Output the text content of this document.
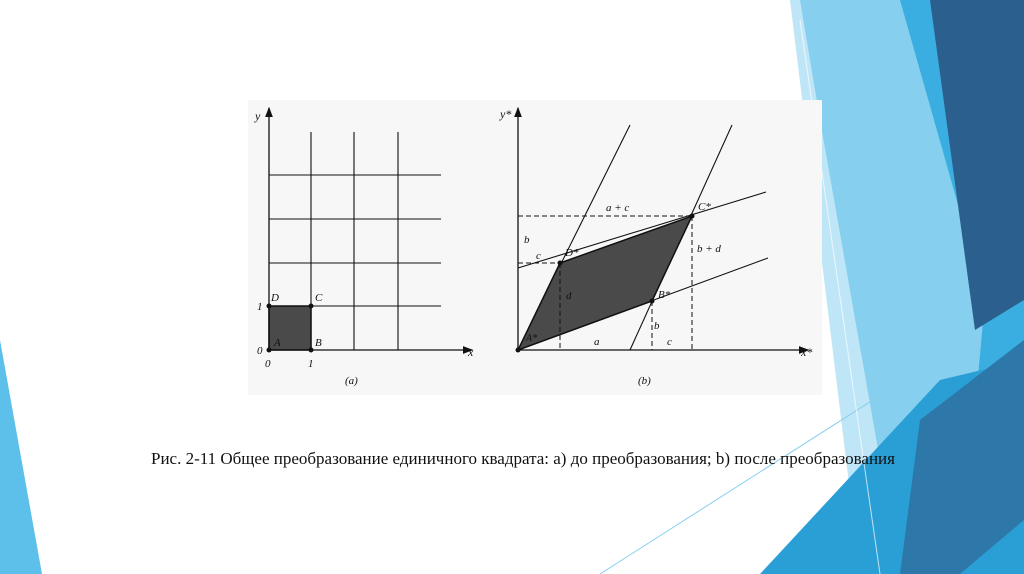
y
x
1
0
0	1
D	C
B
A
(a)
y*
x*
C*
D*
B*
A*
a + c
b + d
b
c
d
b
a	c
(b)
Рис. 2-11 Общее преобразование единичного квадрата: а) до преобразования; b) после преобразования
